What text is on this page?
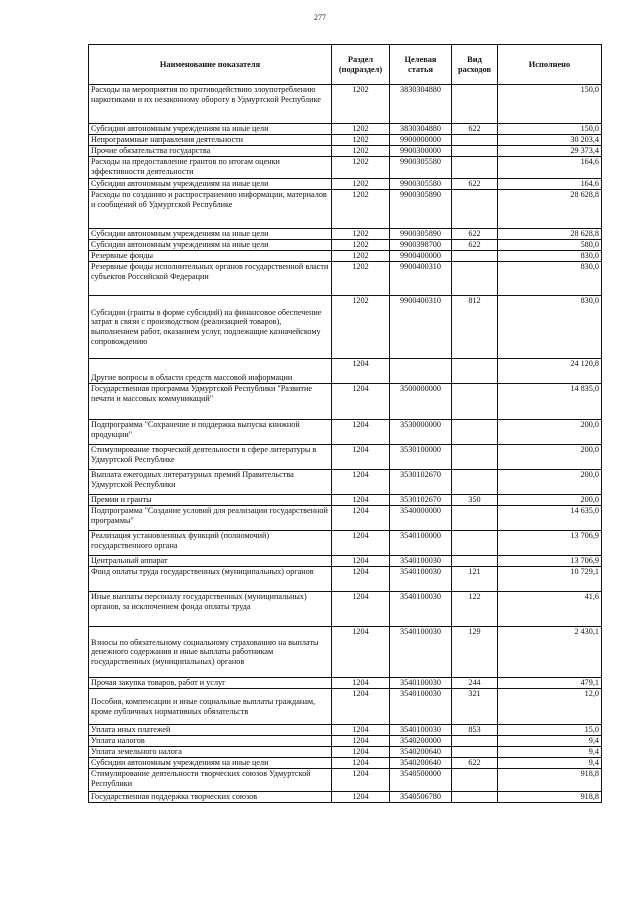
277
Наименование показателя	Раздел (подраздел)	Целевая статья	Вид расходов	Исполнено
Расходы на мероприятия по противодействию злоупотреблению наркотиками и их незаконному обороту в Удмуртской Республике	1202	3830304880		150,0
Субсидии автономным учреждениям на иные цели	1202	3830304880	622	150,0
Непрограммные направления деятельности	1202	9900000000		30 203,4
Прочие обязательства государства	1202	9900300000		29 373,4
Расходы на предоставление грантов по итогам оценки эффективности деятельности	1202	9900305580		164,6
Субсидии автономным учреждениям на иные цели	1202	9900305580	622	164,6
Расходы по созданию и распространению информации, материалов и сообщений об Удмуртской Республике	1202	9900305890		28 628,8
Субсидии автономным учреждениям на иные цели	1202	9900305890	622	28 628,8
Субсидии автономным учреждениям на иные цели	1202	9900398700	622	580,0
Резервные фонды	1202	9900400000		830,0
Резервные фонды исполнительных органов государственной власти субъектов Российской Федерации	1202	9900400310		830,0
Субсидии (гранты в форме субсидий) на финансовое обеспечение затрат в связи с производством (реализацией товаров), выполнением работ, оказанием услуг, подлежащие казначейскому сопровождению	1202	9900400310	812	830,0
Другие вопросы в области средств массовой информации	1204			24 120,8
Государственная программа Удмуртской Республики "Развитие печати и массовых коммуникаций"	1204	3500000000		14 835,0
Подпрограмма "Сохранение и поддержка выпуска книжной продукции"	1204	3530000000		200,0
Стимулирование творческой деятельности в сфере литературы в Удмуртской Республике	1204	3530100000		200,0
Выплата ежегодных литературных премий Правительства Удмуртской Республики	1204	3530102670		200,0
Премии и гранты	1204	3530102670	350	200,0
Подпрограмма "Создание условий для реализации государственной программы"	1204	3540000000		14 635,0
Реализация установленных функций (полномочий) государственного органа	1204	3540100000		13 706,9
Центральный аппарат	1204	3540100030		13 706,9
Фонд оплаты труда государственных (муниципальных) органов	1204	3540100030	121	10 729,1
Иные выплаты персоналу государственных (муниципальных) органов, за исключением фонда оплаты труда	1204	3540100030	122	41,6
Взносы по обязательному социальному страхованию на выплаты денежного содержания и иные выплаты работникам государственных (муниципальных) органов	1204	3540100030	129	2 430,1
Прочая закупка товаров, работ и услуг	1204	3540100030	244	479,1
Пособия, компенсации и иные социальные выплаты гражданам, кроме публичных нормативных обязательств	1204	3540100030	321	12,0
Уплата иных платежей	1204	3540100030	853	15,0
Уплата налогов	1204	3540200000		9,4
Уплата земельного налога	1204	3540200640		9,4
Субсидии автономным учреждениям на иные цели	1204	3540200640	622	9,4
Стимулирование деятельности творческих союзов Удмуртской Республики	1204	3540500000		918,8
Государственная поддержка творческих союзов	1204	3540506780		918,8
